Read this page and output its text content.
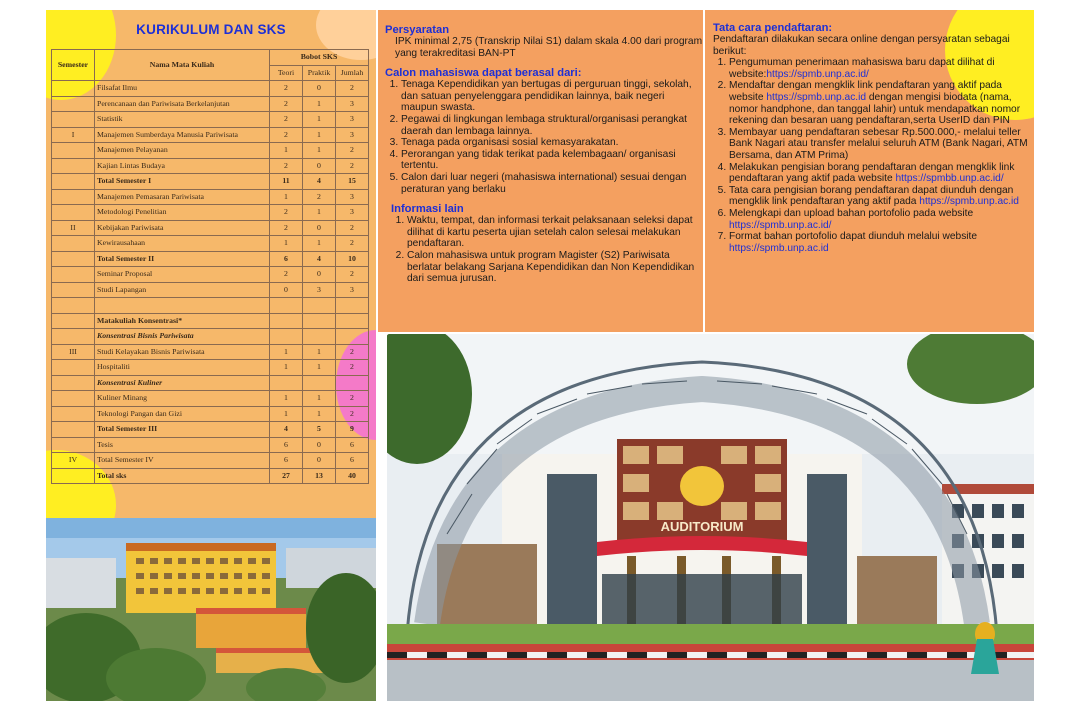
KURIKULUM DAN SKS
Semester	Nama Mata Kuliah	Bobot SKS		
		Teori	Praktik	Jumlah
	Filsafat Ilmu	2	0	2
	Perencanaan dan Pariwisata Berkelanjutan	2	1	3
	Statistik	2	1	3
I	Manajemen Sumberdaya Manusia Pariwisata	2	1	3
	Manajemen Pelayanan	1	1	2
	Kajian Lintas Budaya	2	0	2
	Total Semester I	11	4	15
	Manajemen Pemasaran Pariwisata	1	2	3
	Metodologi Penelitian	2	1	3
II	Kebijakan Pariwisata	2	0	2
	Kewirausahaan	1	1	2
	Total Semester II	6	4	10
	Seminar Proposal	2	0	2
	Studi Lapangan	0	3	3

	Matakuliah Konsentrasi*			
	Konsentrasi Bisnis Pariwisata			
III	Studi Kelayakan Bisnis Pariwisata	1	1	2
	Hospitaliti	1	1	2
	Konsentrasi Kuliner			
	Kuliner Minang	1	1	2
	Teknologi Pangan dan Gizi	1	1	2
	Total Semester III	4	5	9
	Tesis	6	0	6
IV	Total Semester IV	6	0	6
	Total sks	27	13	40
Persyaratan
IPK minimal 2,75 (Transkrip Nilai S1) dalam skala 4.00 dari program yang terakreditasi BAN-PT
Calon mahasiswa dapat berasal dari:
1. Tenaga Kependidikan yan bertugas di perguruan tinggi, sekolah, dan satuan penyelenggara pendidikan lainnya, baik negeri maupun swasta.
2. Pegawai di lingkungan lembaga struktural/organisasi perangkat daerah dan lembaga lainnya.
3. Tenaga pada organisasi sosial kemasyarakatan.
4. Perorangan yang tidak terikat pada kelembagaan/ organisasi tertentu.
5. Calon dari luar negeri (mahasiswa international) sesuai dengan peraturan yang berlaku
Informasi lain
1. Waktu, tempat, dan informasi terkait pelaksanaan seleksi dapat dilihat di kartu peserta ujian setelah calon selesai melakukan pendaftaran.
2. Calon mahasiswa untuk program Magister (S2) Pariwisata berlatar belakang Sarjana Kependidikan dan Non Kependidikan dari semua jurusan.
Tata cara pendaftaran:
Pendaftaran dilakukan secara online dengan persyaratan sebagai berikut:
1. Pengumuman penerimaan mahasiswa baru dapat dilihat di website:https://spmb.unp.ac.id/
2. Mendaftar dengan mengklik link pendaftaran yang aktif pada website https://spmb.unp.ac.id dengan mengisi biodata (nama, nomor handphone, dan tanggal lahir) untuk mendapatkan nomor rekening dan besaran uang pendaftaran,serta UserID dan PIN
3. Membayar uang pendaftaran sebesar Rp.500.000,- melalui teller Bank Nagari atau transfer melalui seluruh ATM (Bank Nagari, ATM Bersama, dan ATM Prima)
4. Melakukan pengisian borang pendaftaran dengan mengklik link pendaftaran yang aktif pada website https://spmbb.unp.ac.id/
5. Tata cara pengisian borang pendaftaran dapat diunduh dengan mengklik link pendaftaran yang aktif pada https://spmb.unp.ac.id
6. Melengkapi dan upload bahan portofolio pada website https://spmb.unp.ac.id/
7. Format bahan portofolio dapat diunduh melalui website https://spmb.unp.ac.id
AUDITORIUM
